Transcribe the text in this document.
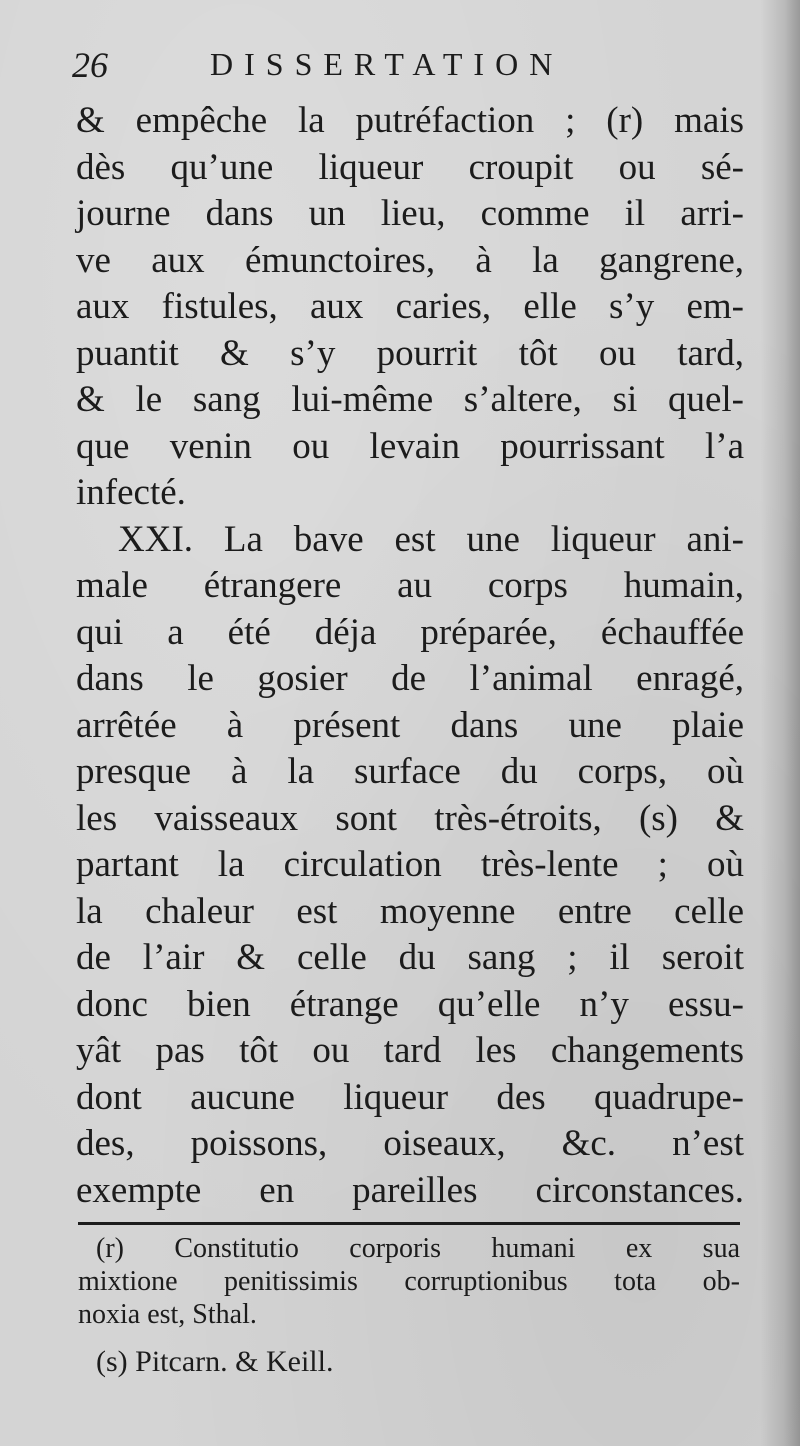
26	DISSERTATION
& empêche la putréfaction ; (r) mais
dès qu’une liqueur croupit ou sé-
journe dans un lieu, comme il arri-
ve aux émunctoires, à la gangrene,
aux fistules, aux caries, elle s’y em-
puantit & s’y pourrit tôt ou tard,
& le sang lui-même s’altere, si quel-
que venin ou levain pourrissant l’a
infecté.
XXI. La bave est une liqueur ani-
male étrangere au corps humain,
qui a été déja préparée, échauffée
dans le gosier de l’animal enragé,
arrêtée à présent dans une plaie
presque à la surface du corps, où
les vaisseaux sont très-étroits, (s) &
partant la circulation très-lente ; où
la chaleur est moyenne entre celle
de l’air & celle du sang ; il seroit
donc bien étrange qu’elle n’y essu-
yât pas tôt ou tard les changements
dont aucune liqueur des quadrupe-
des, poissons, oiseaux, &c. n’est
exempte en pareilles circonstances.
(r) Constitutio corporis humani ex sua
mixtione penitissimis corruptionibus tota ob-
noxia est, Sthal.
(s) Pitcarn. & Keill.
